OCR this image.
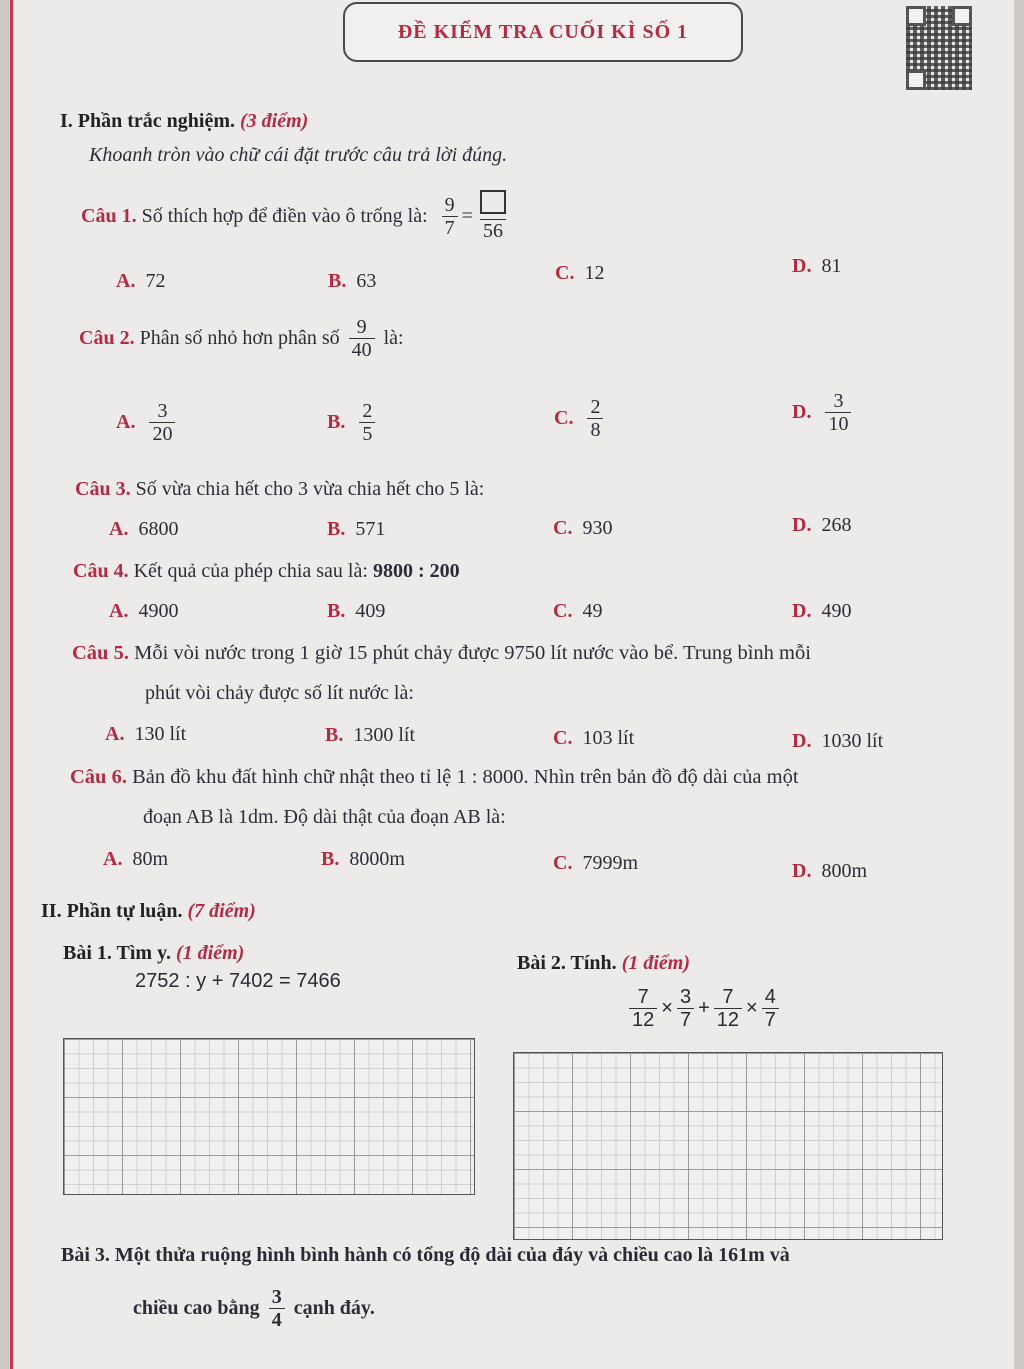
ĐỀ KIỂM TRA CUỐI KÌ SỐ 1
I. Phần trắc nghiệm. (3 điểm)
Khoanh tròn vào chữ cái đặt trước câu trả lời đúng.
Câu 1.
Số thích hợp để điền vào ô trống là:
$\frac{9}{7}$ =
56
A. 72	B. 63	C. 12	D. 81
Câu 2.
Phân số nhỏ hơn phân số
$\frac{9}{40}$
là:
A. $\frac{3}{20}$	B. $\frac{2}{5}$	C. $\frac{2}{8}$	D. $\frac{3}{10}$
Câu 3. Số vừa chia hết cho 3 vừa chia hết cho 5 là:
A. 6800	B. 571	C. 930	D. 268
Câu 4. Kết quả của phép chia sau là: 9800 : 200
A. 4900	B. 409	C. 49	D. 490
Câu 5. Mỗi vòi nước trong 1 giờ 15 phút chảy được 9750 lít nước vào bể. Trung bình mỗi
phút vòi chảy được số lít nước là:
A. 130 lít	B. 1300 lít	C. 103 lít	D. 1030 lít
Câu 6. Bản đồ khu đất hình chữ nhật theo tỉ lệ 1 : 8000. Nhìn trên bản đồ độ dài của một
đoạn AB là 1dm. Độ dài thật của đoạn AB là:
A. 80m	B. 8000m	C. 7999m	D. 800m
II. Phần tự luận. (7 điểm)
Bài 1. Tìm y. (1 điểm)
2752 : y + 7402 = 7466
Bài 2. Tính. (1 điểm)
$\frac{7}{12} \times \frac{3}{7} + \frac{7}{12} \times \frac{4}{7}$
Bài 3. Một thửa ruộng hình bình hành có tổng độ dài của đáy và chiều cao là 161m và
chiều cao bằng
$\frac{3}{4}$
cạnh đáy.
